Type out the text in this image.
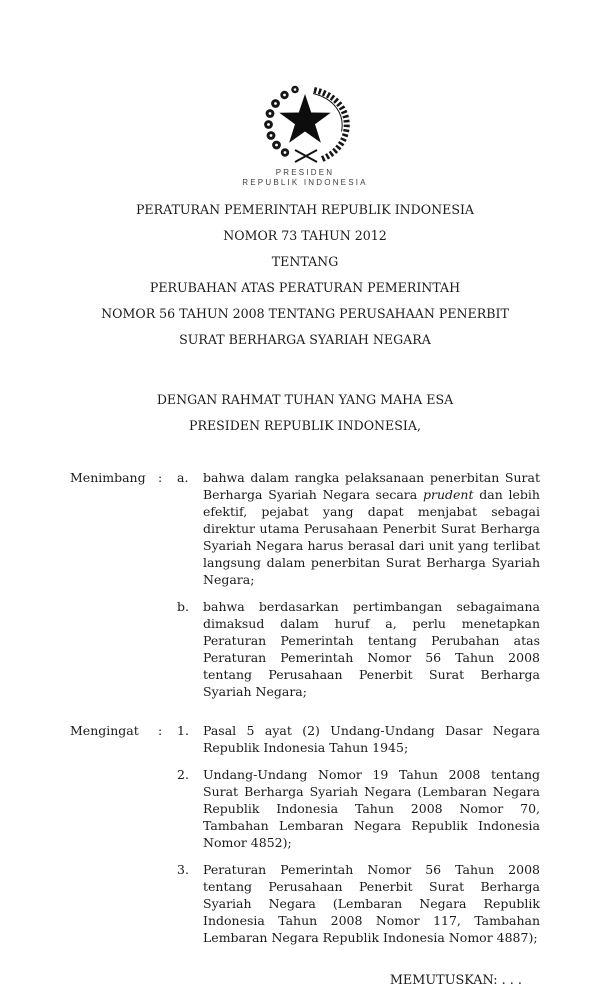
PRESIDEN
REPUBLIK INDONESIA
PERATURAN PEMERINTAH REPUBLIK INDONESIA
NOMOR 73 TAHUN 2012
TENTANG
PERUBAHAN ATAS PERATURAN PEMERINTAH
NOMOR 56 TAHUN 2008 TENTANG PERUSAHAAN PENERBIT
SURAT BERHARGA SYARIAH NEGARA
DENGAN RAHMAT TUHAN YANG MAHA ESA
PRESIDEN REPUBLIK INDONESIA,
Menimbang :	a.	bahwa dalam rangka pelaksanaan penerbitan Surat Berharga Syariah Negara secara prudent dan lebih efektif, pejabat yang dapat menjabat sebagai direktur utama Perusahaan Penerbit Surat Berharga Syariah Negara harus berasal dari unit yang terlibat langsung dalam penerbitan Surat Berharga Syariah Negara;
b.	bahwa berdasarkan pertimbangan sebagaimana dimaksud dalam huruf a, perlu menetapkan Peraturan Pemerintah tentang Perubahan atas Peraturan Pemerintah Nomor 56 Tahun 2008 tentang Perusahaan Penerbit Surat Berharga Syariah Negara;
Mengingat	:	1.	Pasal 5 ayat (2) Undang-Undang Dasar Negara Republik Indonesia Tahun 1945;
2.	Undang-Undang Nomor 19 Tahun 2008 tentang Surat Berharga Syariah Negara (Lembaran Negara Republik Indonesia Tahun 2008 Nomor 70, Tambahan Lembaran Negara Republik Indonesia Nomor 4852);
3.	Peraturan Pemerintah Nomor 56 Tahun 2008 tentang Perusahaan Penerbit Surat Berharga Syariah Negara (Lembaran Negara Republik Indonesia Tahun 2008 Nomor 117, Tambahan Lembaran Negara Republik Indonesia Nomor 4887);
MEMUTUSKAN: . . .
